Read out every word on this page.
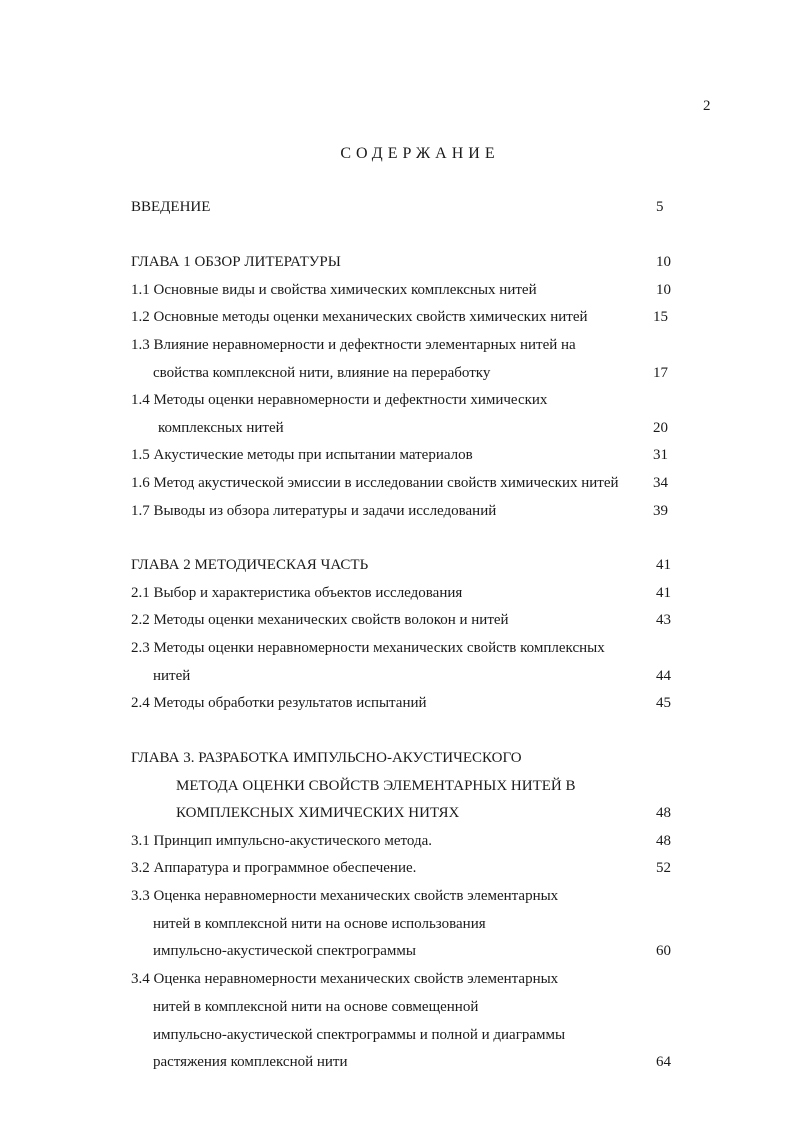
2
СОДЕРЖАНИЕ
ВВЕДЕНИЕ	5
ГЛАВА 1 ОБЗОР ЛИТЕРАТУРЫ	10
1.1 Основные виды и свойства химических комплексных нитей	10
1.2 Основные методы оценки механических свойств химических нитей	15
1.3 Влияние неравномерности и дефектности элементарных нитей на
свойства комплексной нити, влияние на переработку	17
1.4 Методы оценки неравномерности и дефектности химических
комплексных нитей	20
1.5 Акустические методы при испытании материалов	31
1.6 Метод акустической эмиссии в исследовании свойств химических нитей 34
1.7 Выводы из обзора литературы и задачи исследований	39
ГЛАВА 2 МЕТОДИЧЕСКАЯ ЧАСТЬ	41
2.1 Выбор и характеристика объектов исследования	41
2.2 Методы оценки механических свойств волокон и нитей	43
2.3 Методы оценки неравномерности механических свойств комплексных
нитей	44
2.4 Методы обработки результатов испытаний	45
ГЛАВА 3. РАЗРАБОТКА ИМПУЛЬСНО-АКУСТИЧЕСКОГО
МЕТОДА ОЦЕНКИ СВОЙСТВ ЭЛЕМЕНТАРНЫХ НИТЕЙ В
КОМПЛЕКСНЫХ ХИМИЧЕСКИХ НИТЯХ	48
3.1 Принцип импульсно-акустического метода.	48
3.2 Аппаратура и программное обеспечение.	52
3.3 Оценка неравномерности механических свойств элементарных
нитей в комплексной нити на основе использования
импульсно-акустической спектрограммы	60
3.4 Оценка неравномерности механических свойств элементарных
нитей в комплексной нити на основе совмещенной
импульсно-акустической спектрограммы и полной и диаграммы
растяжения комплексной нити	64
